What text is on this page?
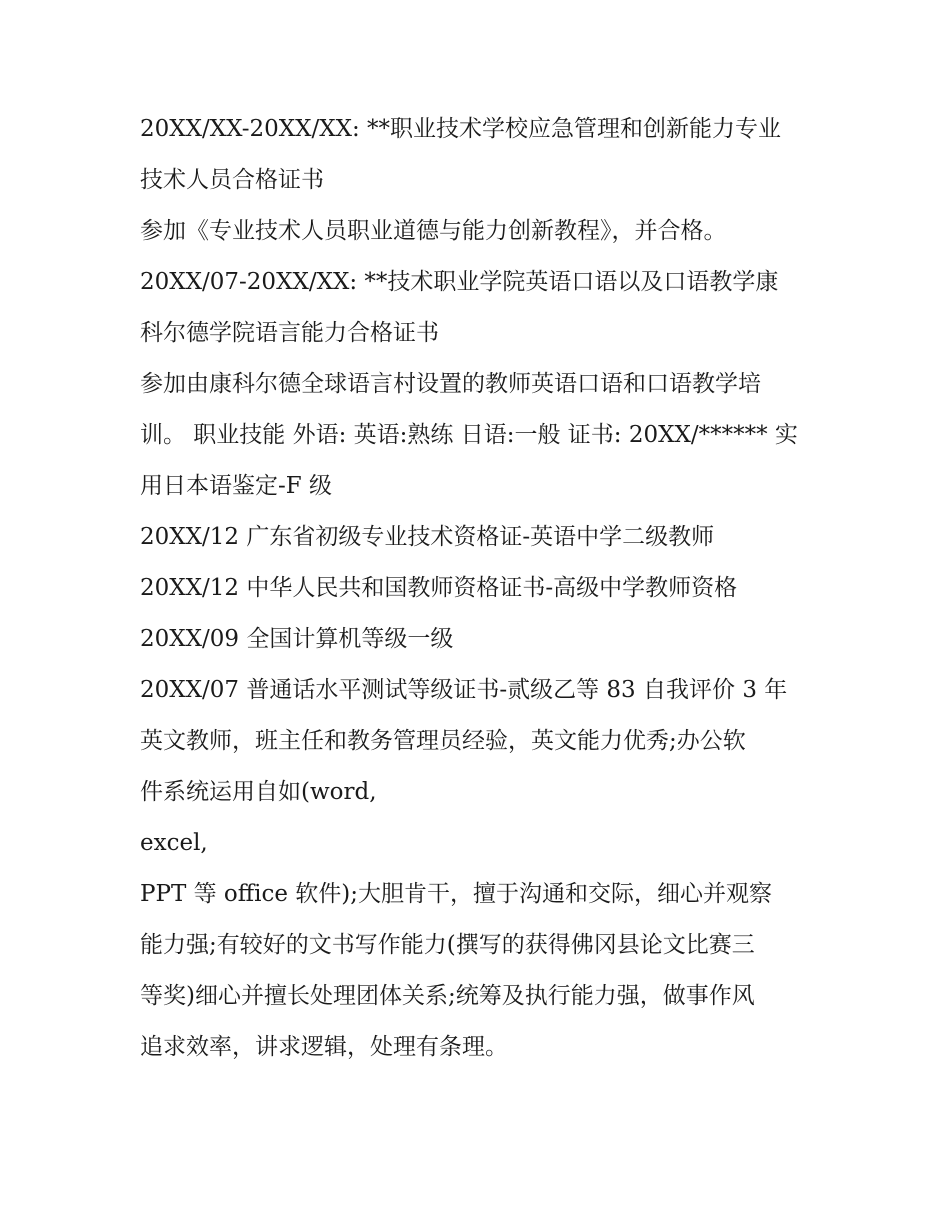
20XX/XX-20XX/XX: **职业技术学校应急管理和创新能力专业
技术人员合格证书
参加《专业技术人员职业道德与能力创新教程》，并合格。
20XX/07-20XX/XX: **技术职业学院英语口语以及口语教学康
科尔德学院语言能力合格证书
参加由康科尔德全球语言村设置的教师英语口语和口语教学培
训。 职业技能 外语: 英语:熟练 日语:一般 证书: 20XX/****** 实
用日本语鉴定-F 级
20XX/12 广东省初级专业技术资格证-英语中学二级教师
20XX/12 中华人民共和国教师资格证书-高级中学教师资格
20XX/09 全国计算机等级一级
20XX/07 普通话水平测试等级证书-贰级乙等 83 自我评价 3 年
英文教师，班主任和教务管理员经验，英文能力优秀;办公软
件系统运用自如(word,
excel,
PPT 等 office 软件);大胆肯干，擅于沟通和交际，细心并观察
能力强;有较好的文书写作能力(撰写的获得佛冈县论文比赛三
等奖)细心并擅长处理团体关系;统筹及执行能力强，做事作风
追求效率，讲求逻辑，处理有条理。
